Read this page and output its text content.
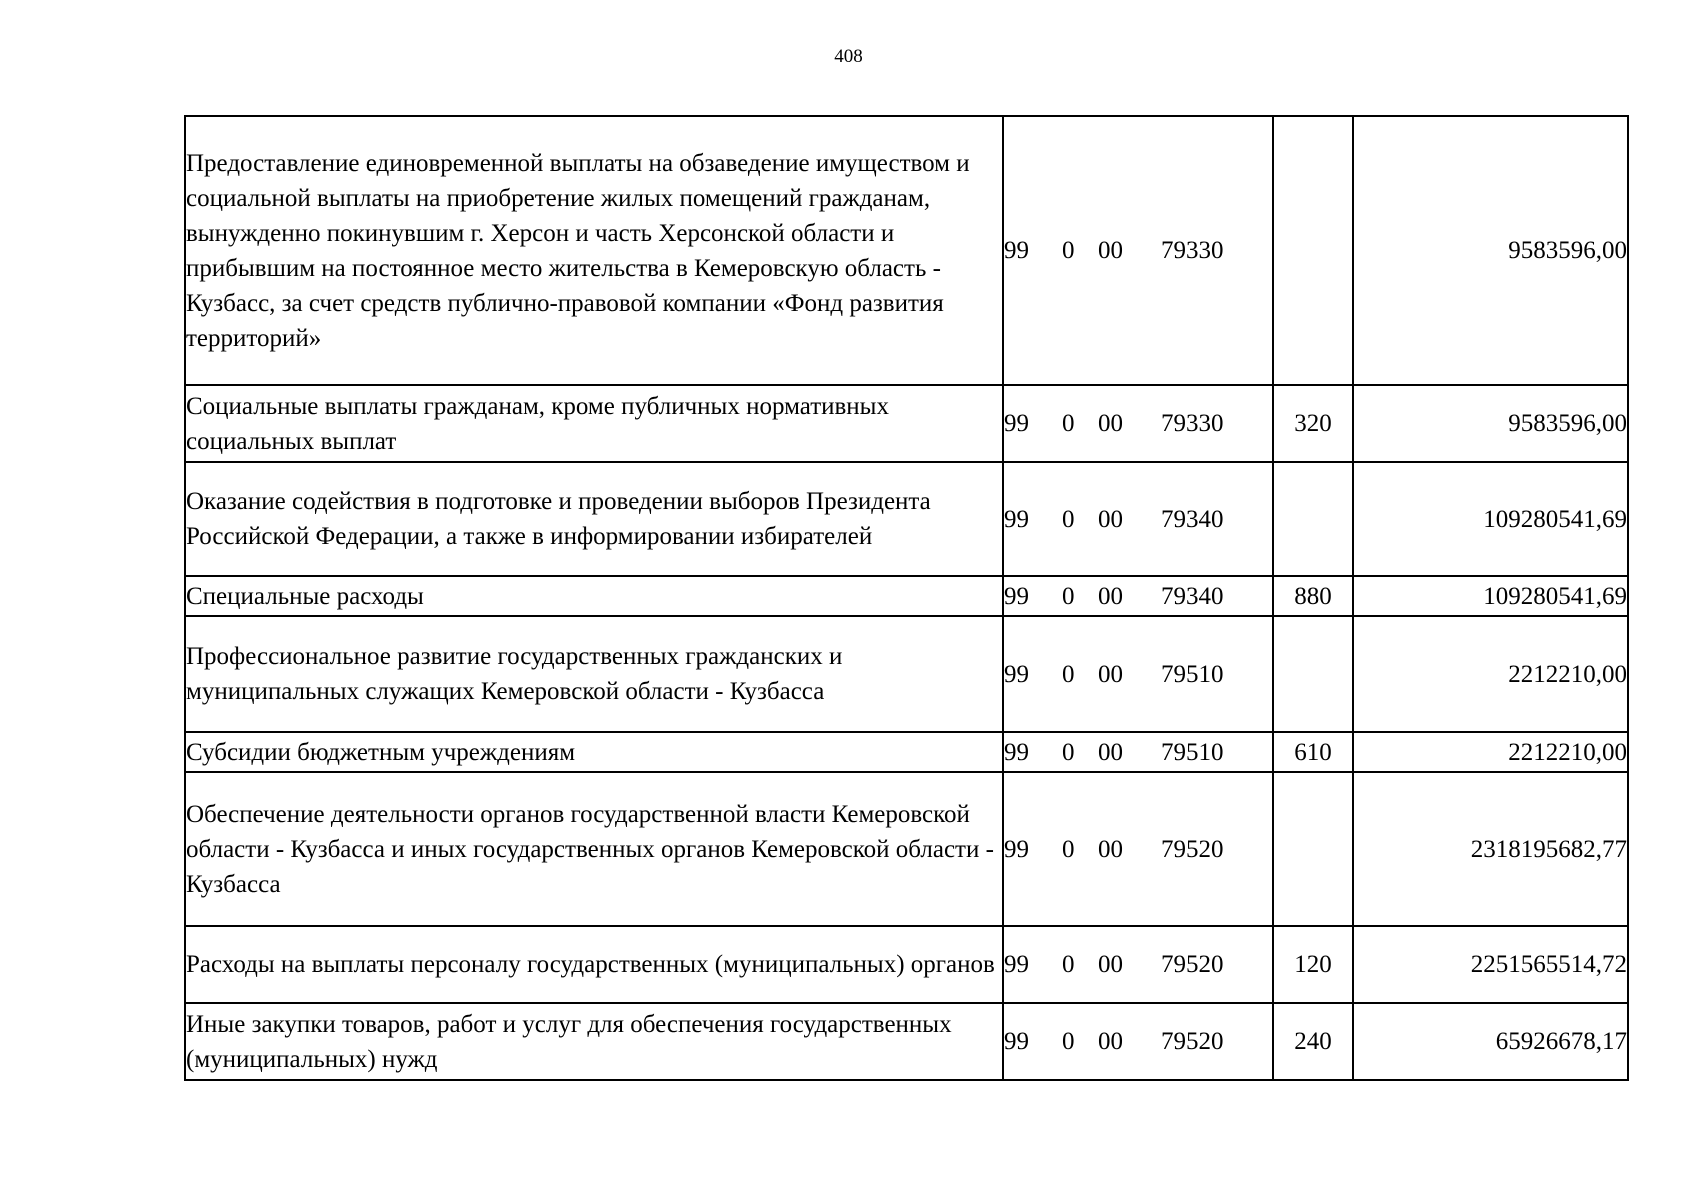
408
Предоставление единовременной выплаты на обзаведение имуществом и социальной выплаты на приобретение жилых помещений гражданам, вынужденно покинувшим г. Херсон и часть Херсонской области и прибывшим на постоянное место жительства в Кемеровскую область - Кузбасс, за счет средств публично-правовой компании «Фонд развития территорий»	99 0 00 79330		9583596,00
Социальные выплаты гражданам, кроме публичных нормативных социальных выплат	99 0 00 79330	320	9583596,00
Оказание содействия в подготовке и проведении выборов Президента Российской Федерации, а также в информировании избирателей	99 0 00 79340		109280541,69
Специальные расходы	99 0 00 79340	880	109280541,69
Профессиональное развитие государственных гражданских и муниципальных служащих Кемеровской области - Кузбасса	99 0 00 79510		2212210,00
Субсидии бюджетным учреждениям	99 0 00 79510	610	2212210,00
Обеспечение деятельности органов государственной власти Кемеровской области - Кузбасса и иных государственных органов Кемеровской области - Кузбасса	99 0 00 79520		2318195682,77
Расходы на выплаты персоналу государственных (муниципальных) органов	99 0 00 79520	120	2251565514,72
Иные закупки товаров, работ и услуг для обеспечения государственных (муниципальных) нужд	99 0 00 79520	240	65926678,17
